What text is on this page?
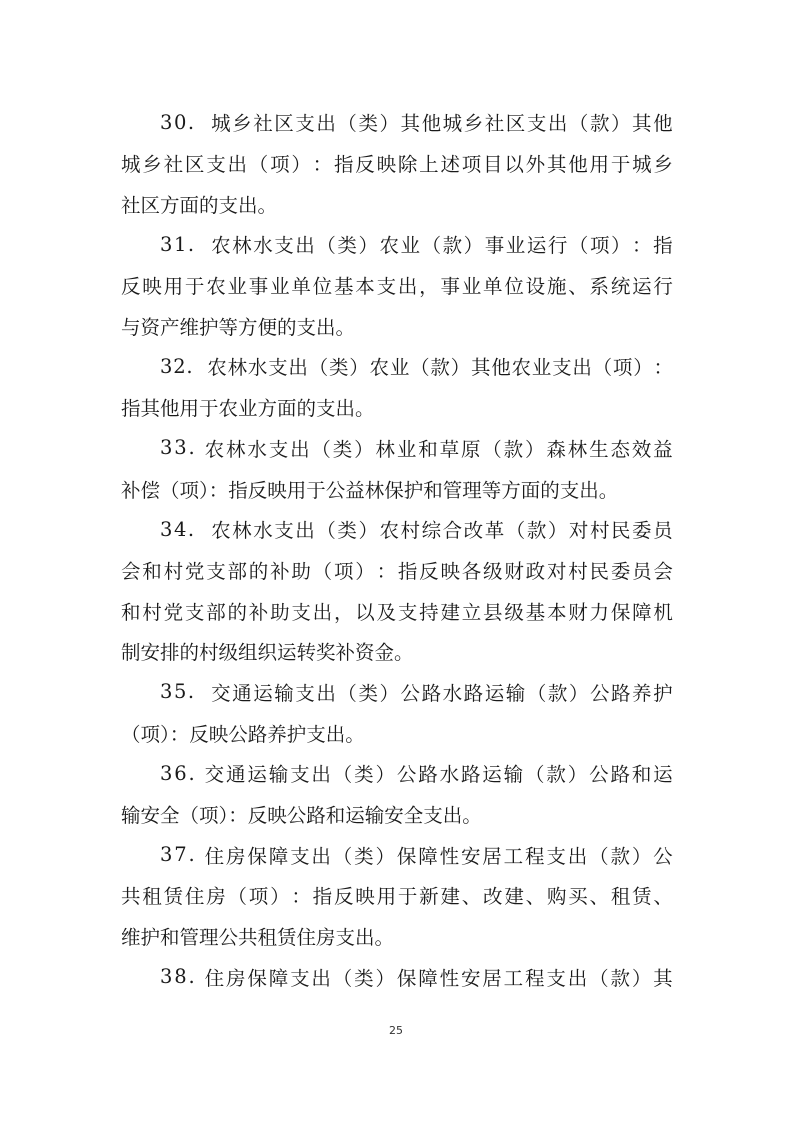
3 0 .

城 乡 社 区 支 出 （ 类 ） 其 他 城 乡 社 区 支 出 （ 款 ） 其 他
城 乡 社 区 支 出 （ 项 ） ： 指 反 映 除 上 述 项 目 以 外 其 他 用 于 城 乡
社区方面的支出。
3 1 .

农 林 水 支 出 （ 类 ） 农 业 （ 款 ） 事 业 运 行 （ 项 ） ： 指
反 映 用 于 农 业 事 业 单 位 基 本 支 出 ， 事 业 单 位 设 施 、 系 统 运 行
与资产维护等方便的支出。
3 2 .

农 林 水 支 出 （ 类 ） 农 业 （ 款 ） 其 他 农 业 支 出 （ 项 ） ：
指其他用于农业方面的支出。
3 3 .
农 林 水 支 出 （ 类 ） 林 业 和 草 原 （ 款 ） 森 林 生 态 效 益
补偿（项）：指反映用于公益林保护和管理等方面的支出。
3 4 .

农 林 水 支 出 （ 类 ） 农 村 综 合 改 革 （ 款 ） 对 村 民 委 员
会 和 村 党 支 部 的 补 助 （ 项 ） ： 指 反 映 各 级 财 政 对 村 民 委 员 会
和 村 党 支 部 的 补 助 支 出 ， 以 及 支 持 建 立 县 级 基 本 财 力 保 障 机
制安排的村级组织运转奖补资金。
3 5 .

交 通 运 输 支 出 （ 类 ） 公 路 水 路 运 输 （ 款 ） 公 路 养 护
（项）：反映公路养护支出。
3 6 .
交 通 运 输 支 出 （ 类 ） 公 路 水 路 运 输 （ 款 ） 公 路 和 运
输安全（项）：反映公路和运输安全支出。
3 7 .
住 房 保 障 支 出 （ 类 ） 保 障 性 安 居 工 程 支 出 （ 款 ） 公
共 租 赁 住 房 （ 项 ） ： 指 反 映 用 于 新 建 、 改 建 、 购 买 、 租 赁 、
维护和管理公共租赁住房支出。
3 8 .
住 房 保 障 支 出 （ 类 ） 保 障 性 安 居 工 程 支 出 （ 款 ） 其
25
